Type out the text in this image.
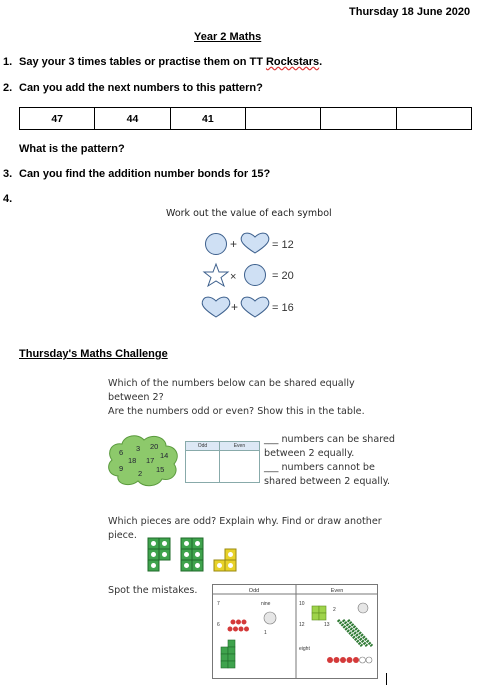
Thursday 18 June 2020
Year 2 Maths
1. Say your 3 times tables or practise them on TT Rockstars.
2. Can you add the next numbers to this pattern?
47	44	41			
What is the pattern?
3. Can you find the addition number bonds for 15?
4.
Work out the value of each symbol
+	= 12
×	= 20
+	= 16
Thursday's Maths Challenge
Which of the numbers below can be shared equally
between 2?
Are the numbers odd or even? Show this in the table.
6 3 20
14
18 17
9
2 15
Odd	Even

___ numbers can be shared
between 2 equally.
___ numbers cannot be
shared between 2 equally.
Which pieces are odd? Explain why. Find or draw another
piece.
Spot the mistakes.	Odd	Even
7	nine
6
1
10
2
12	13
eight
